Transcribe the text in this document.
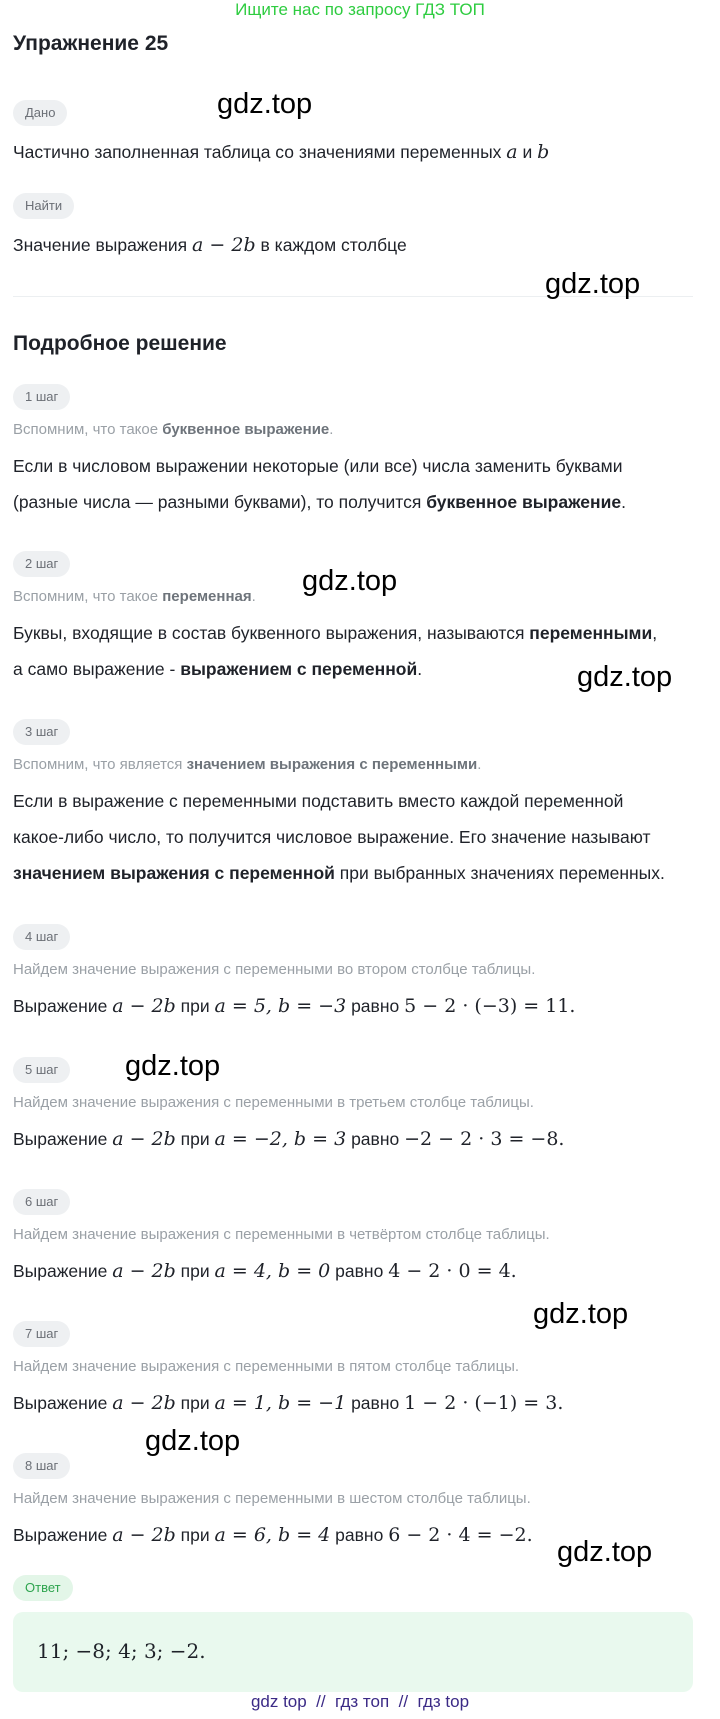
Ищите нас по запросу ГДЗ ТОП
Упражнение 25
Дано
Частично заполненная таблица со значениями переменных a и b
Найти
Значение выражения a − 2b в каждом столбце
Подробное решение
1 шаг
Вспомним, что такое буквенное выражение.
Если в числовом выражении некоторые (или все) числа заменить буквами
(разные числа — разными буквами), то получится буквенное выражение.
2 шаг
Вспомним, что такое переменная.
Буквы, входящие в состав буквенного выражения, называются переменными,
а само выражение - выражением с переменной.
3 шаг
Вспомним, что является значением выражения с переменными.
Если в выражение с переменными подставить вместо каждой переменной
какое-либо число, то получится числовое выражение. Его значение называют
значением выражения с переменной при выбранных значениях переменных.
4 шаг
Найдем значение выражения с переменными во втором столбце таблицы.
Выражение a − 2b при a = 5, b = −3 равно 5 − 2 · (−3) = 11.
5 шаг
Найдем значение выражения с переменными в третьем столбце таблицы.
Выражение a − 2b при a = −2, b = 3 равно −2 − 2 · 3 = −8.
6 шаг
Найдем значение выражения с переменными в четвёртом столбце таблицы.
Выражение a − 2b при a = 4, b = 0 равно 4 − 2 · 0 = 4.
7 шаг
Найдем значение выражения с переменными в пятом столбце таблицы.
Выражение a − 2b при a = 1, b = −1 равно 1 − 2 · (−1) = 3.
8 шаг
Найдем значение выражения с переменными в шестом столбце таблицы.
Выражение a − 2b при a = 6, b = 4 равно 6 − 2 · 4 = −2.
Ответ
11; −8; 4; 3; −2.
gdz.top
gdz.top
gdz.top
gdz.top
gdz.top
gdz.top
gdz.top
gdz.top
gdz top  //  гдз топ  //  гдз top
